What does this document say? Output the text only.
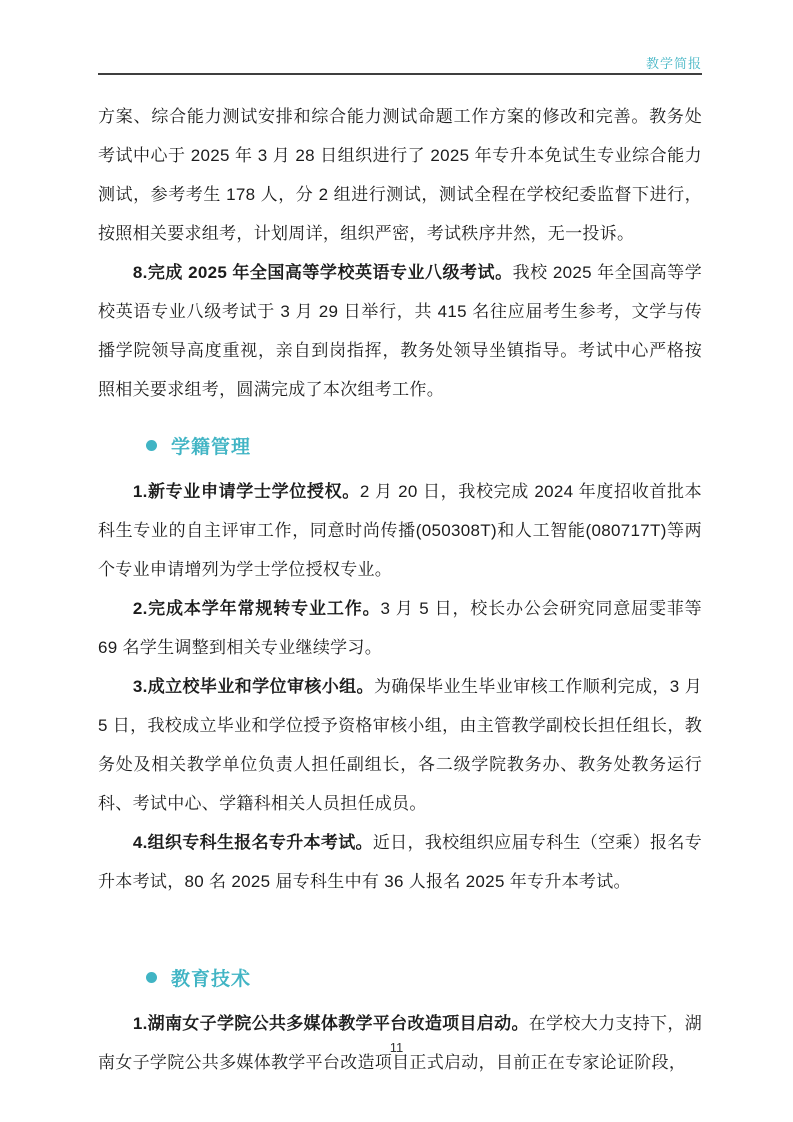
教学简报

方案、综合能力测试安排和综合能力测试命题工作方案的修改和完善。教务处考试中心于 2025 年 3 月 28 日组织进行了 2025 年专升本免试生专业综合能力测试，参考考生 178 人，分 2 组进行测试，测试全程在学校纪委监督下进行，按照相关要求组考，计划周详，组织严密，考试秩序井然，无一投诉。

8.完成 2025 年全国高等学校英语专业八级考试。我校 2025 年全国高等学校英语专业八级考试于 3 月 29 日举行，共 415 名往应届考生参考，文学与传播学院领导高度重视，亲自到岗指挥，教务处领导坐镇指导。考试中心严格按照相关要求组考，圆满完成了本次组考工作。

学籍管理

1.新专业申请学士学位授权。2 月 20 日，我校完成 2024 年度招收首批本科生专业的自主评审工作，同意时尚传播(050308T)和人工智能(080717T)等两个专业申请增列为学士学位授权专业。

2.完成本学年常规转专业工作。3 月 5 日，校长办公会研究同意屈雯菲等 69 名学生调整到相关专业继续学习。

3.成立校毕业和学位审核小组。为确保毕业生毕业审核工作顺利完成，3 月 5 日，我校成立毕业和学位授予资格审核小组，由主管教学副校长担任组长，教务处及相关教学单位负责人担任副组长，各二级学院教务办、教务处教务运行科、考试中心、学籍科相关人员担任成员。

4.组织专科生报名专升本考试。近日，我校组织应届专科生（空乘）报名专升本考试，80 名 2025 届专科生中有 36 人报名 2025 年专升本考试。

教育技术

1.湖南女子学院公共多媒体教学平台改造项目启动。在学校大力支持下，湖南女子学院公共多媒体教学平台改造项目正式启动，目前正在专家论证阶段，

11
